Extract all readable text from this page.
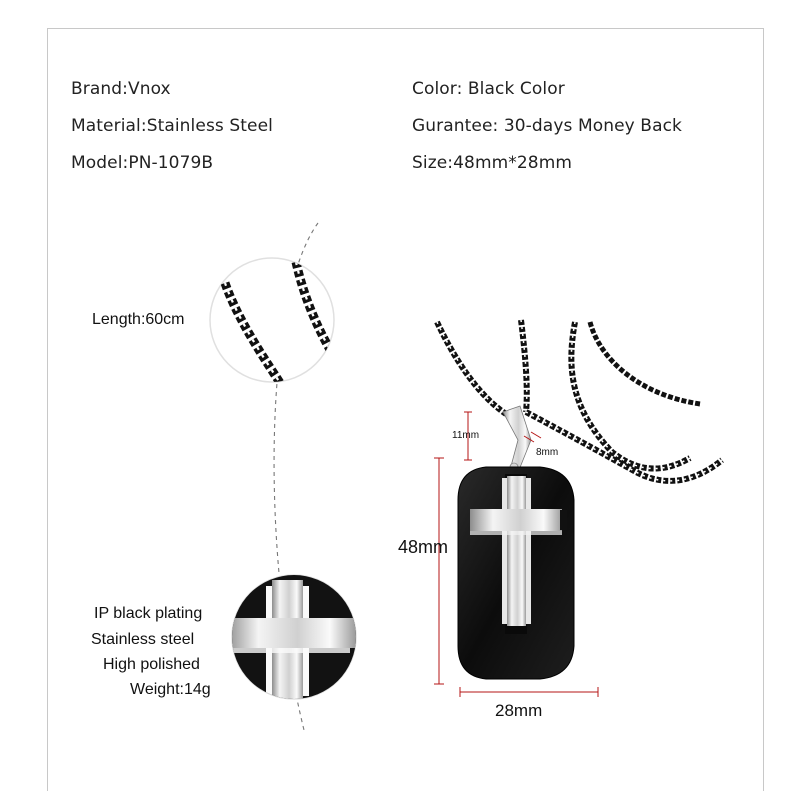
Brand:Vnox
Material:Stainless Steel
Model:PN-1079B
Color: Black Color
Gurantee: 30-days Money Back
Size:48mm*28mm
48mm
28mm
11mm
8mm
Length:60cm
IP black plating
Stainless steel
High polished
Weight:14g
